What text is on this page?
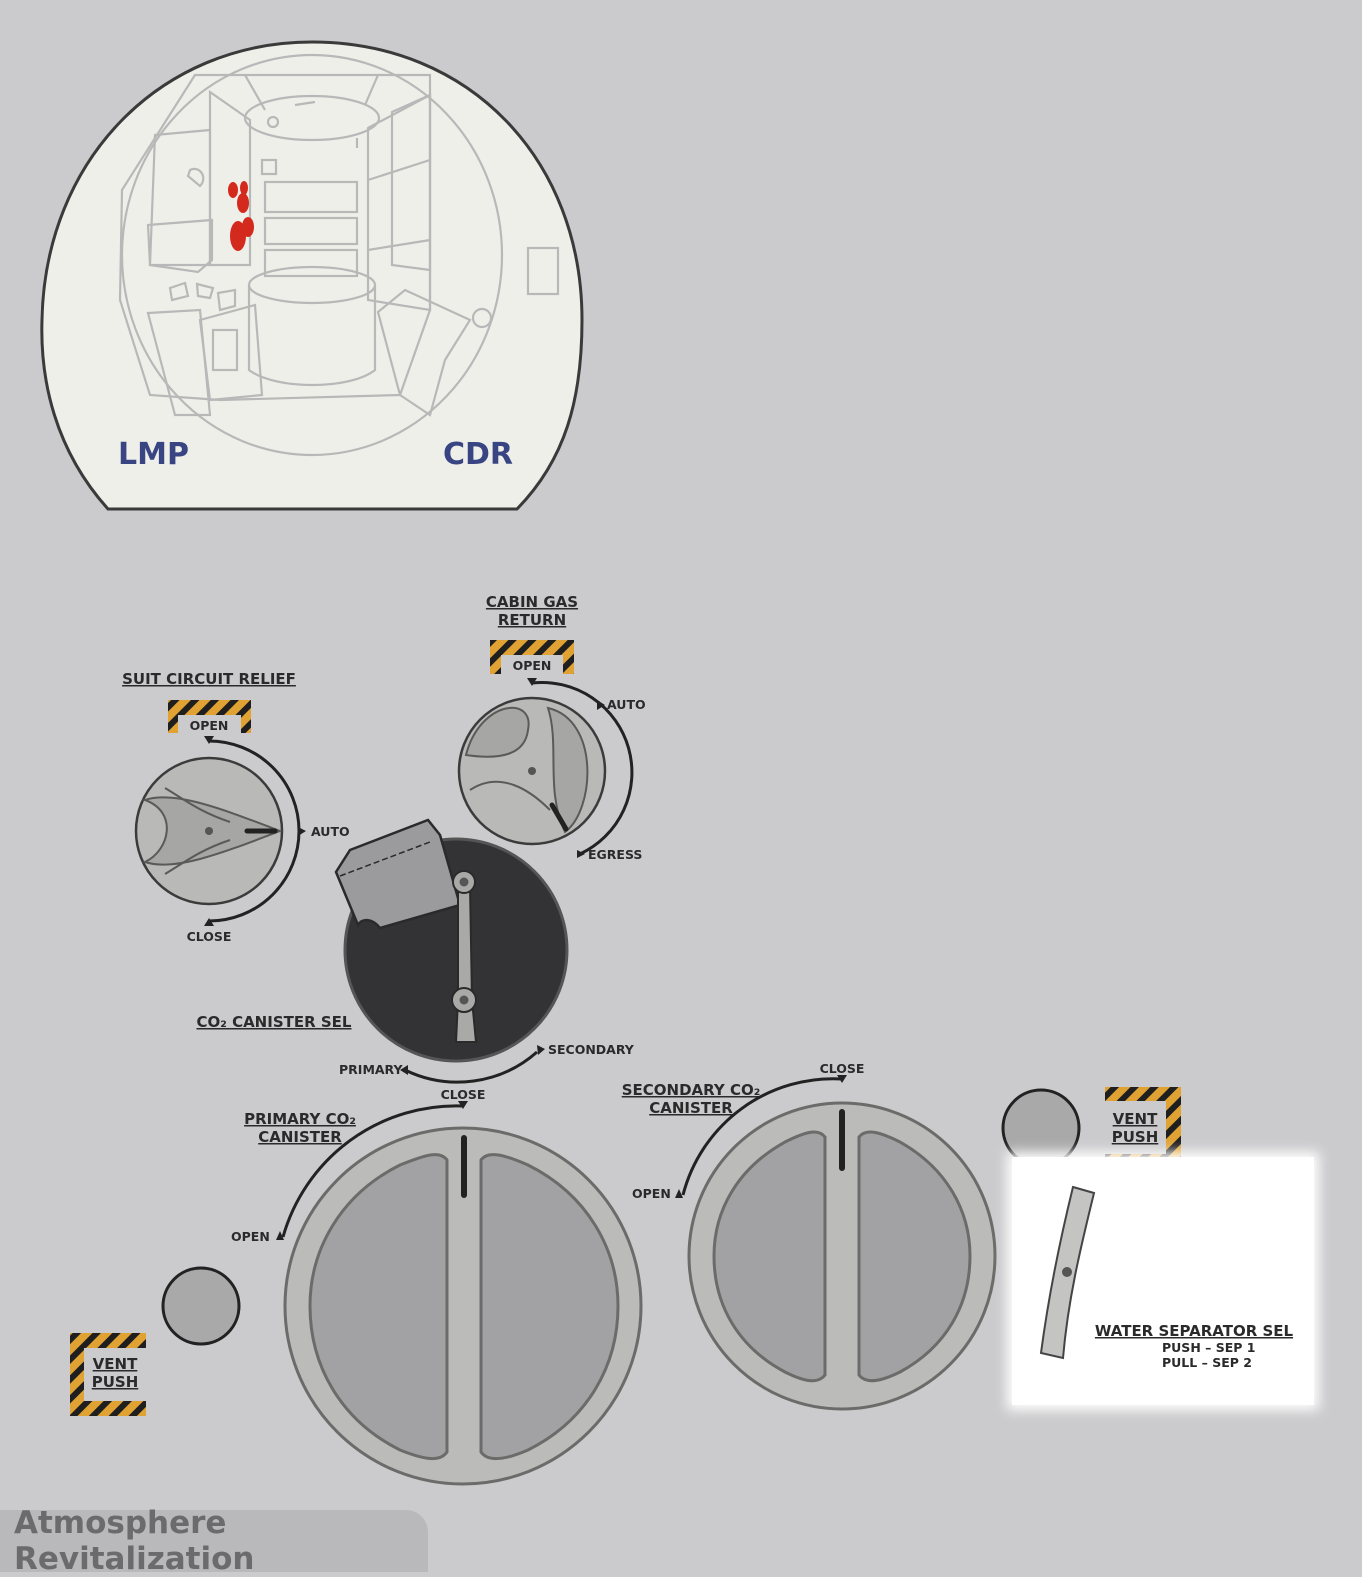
LMP	CDR
SUIT CIRCUIT RELIEF
OPEN
AUTO
CLOSE
CABIN GAS
RETURN
OPEN
AUTO
EGRESS
CO₂ CANISTER SEL
PRIMARY
SECONDARY
PRIMARY CO₂
CANISTER
CLOSE
OPEN
VENT
PUSH
SECONDARY CO₂
CANISTER
CLOSE
OPEN
VENT
PUSH
WATER SEPARATOR SEL
PUSH – SEP 1
PULL – SEP 2
Atmosphere Revitalization
